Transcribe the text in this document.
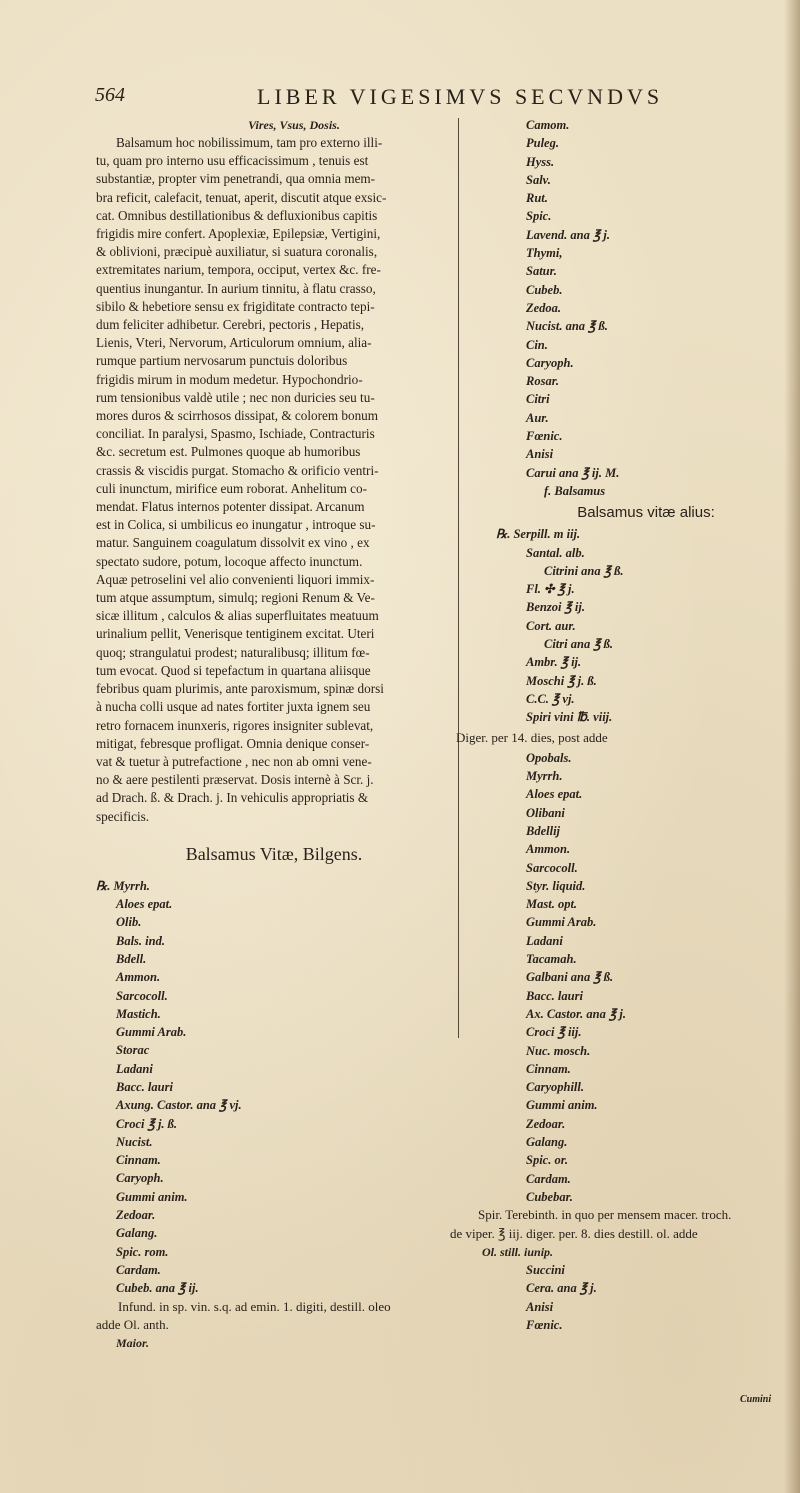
564	LIBER VIGESIMVS SECVNDVS
Vires, Vsus, Dosis.
Balsamum hoc nobilissimum, tam pro externo illi-
tu, quam pro interno usu efficacissimum , tenuis est
substantiæ, propter vim penetrandi, qua omnia mem-
bra reficit, calefacit, tenuat, aperit, discutit atque exsic-
cat. Omnibus destillationibus & defluxionibus capitis
frigidis mire confert. Apoplexiæ, Epilepsiæ, Vertigini,
& oblivioni, præcipuè auxiliatur, si suatura coronalis,
extremitates narium, tempora, occiput, vertex &c. fre-
quentius inungantur. In aurium tinnitu, à flatu crasso,
sibilo & hebetiore sensu ex frigiditate contracto tepi-
dum feliciter adhibetur. Cerebri, pectoris , Hepatis,
Lienis, Vteri, Nervorum, Articulorum omnium, alia-
rumque partium nervosarum punctuis doloribus
frigidis mirum in modum medetur. Hypochondrio-
rum tensionibus valdè utile ; nec non duricies seu tu-
mores duros & scirrhosos dissipat, & colorem bonum
conciliat. In paralysi, Spasmo, Ischiade, Contracturis
&c. secretum est. Pulmones quoque ab humoribus
crassis & viscidis purgat. Stomacho & orificio ventri-
culi inunctum, mirifice eum roborat. Anhelitum co-
mendat. Flatus internos potenter dissipat. Arcanum
est in Colica, si umbilicus eo inungatur , introque su-
matur. Sanguinem coagulatum dissolvit ex vino , ex
spectato sudore, potum, locoque affecto inunctum.
Aquæ petroselini vel alio convenienti liquori immix-
tum atque assumptum, simulq; regioni Renum & Ve-
sicæ illitum , calculos & alias superfluitates meatuum
urinalium pellit, Venerisque tentiginem excitat. Uteri
quoq; strangulatui prodest; naturalibusq; illitum fœ-
tum evocat. Quod si tepefactum in quartana aliisque
febribus quam plurimis, ante paroxismum, spinæ dorsi
à nucha colli usque ad nates fortiter juxta ignem seu
retro fornacem inunxeris, rigores insigniter sublevat,
mitigat, febresque profligat. Omnia denique conser-
vat & tuetur à putrefactione , nec non ab omni vene-
no & aere pestilenti præservat. Dosis internè à Scr. j.
ad Drach. ß. & Drach. j. In vehiculis appropriatis &
specificis.
Balsamus Vitæ, Bilgens.
℞. Myrrh.
Aloes epat.
Olib.
Bals. ind.
Bdell.
Ammon.
Sarcocoll.
Mastich.
Gummi Arab.
Storac
Ladani
Bacc. lauri
Axung. Castor. ana ℥ vj.
Croci ℥ j. ß.
Nucist.
Cinnam.
Caryoph.
Gummi anim.
Zedoar.
Galang.
Spic. rom.
Cardam.
Cubeb. ana ℥ ij.
Infund. in sp. vin. s.q. ad emin. 1. digiti, destill. oleo
adde Ol. anth.
Maior.
Camom.
Puleg.
Hyss.
Salv.
Rut.
Spic.
Lavend. ana ℥ j.
Thymi,
Satur.
Cubeb.
Zedoa.
Nucist. ana ℥ ß.
Cin.
Caryoph.
Rosar.
Citri
Aur.
Fœnic.
Anisi
Carui ana ℥ ij. M.
f. Balsamus
Balsamus vitæ alius:
℞. Serpill. m iij.
Santal. alb.
Citrini ana ℥ ß.
Fl. ✣ ℥ j.
Benzoi ℥ ij.
Cort. aur.
Citri ana ℥ ß.
Ambr. ℥ ij.
Moschi ℥ j. ß.
C.C. ℥ vj.
Spiri vini ℔. viij.
Diger. per 14. dies, post adde
Opobals.
Myrrh.
Aloes epat.
Olibani
Bdellij
Ammon.
Sarcocoll.
Styr. liquid.
Mast. opt.
Gummi Arab.
Ladani
Tacamah.
Galbani ana ℥ ß.
Bacc. lauri
Ax. Castor. ana ℥ j.
Croci ℥ iij.
Nuc. mosch.
Cinnam.
Caryophill.
Gummi anim.
Zedoar.
Galang.
Spic. or.
Cardam.
Cubebar.
Spir. Terebinth. in quo per mensem macer. troch.
de viper. ℥ iij. diger. per. 8. dies destill. ol. adde
Ol. still. iunip.
Succini
Cera. ana ℥ j.
Anisi
Fœnic.
Cumini
